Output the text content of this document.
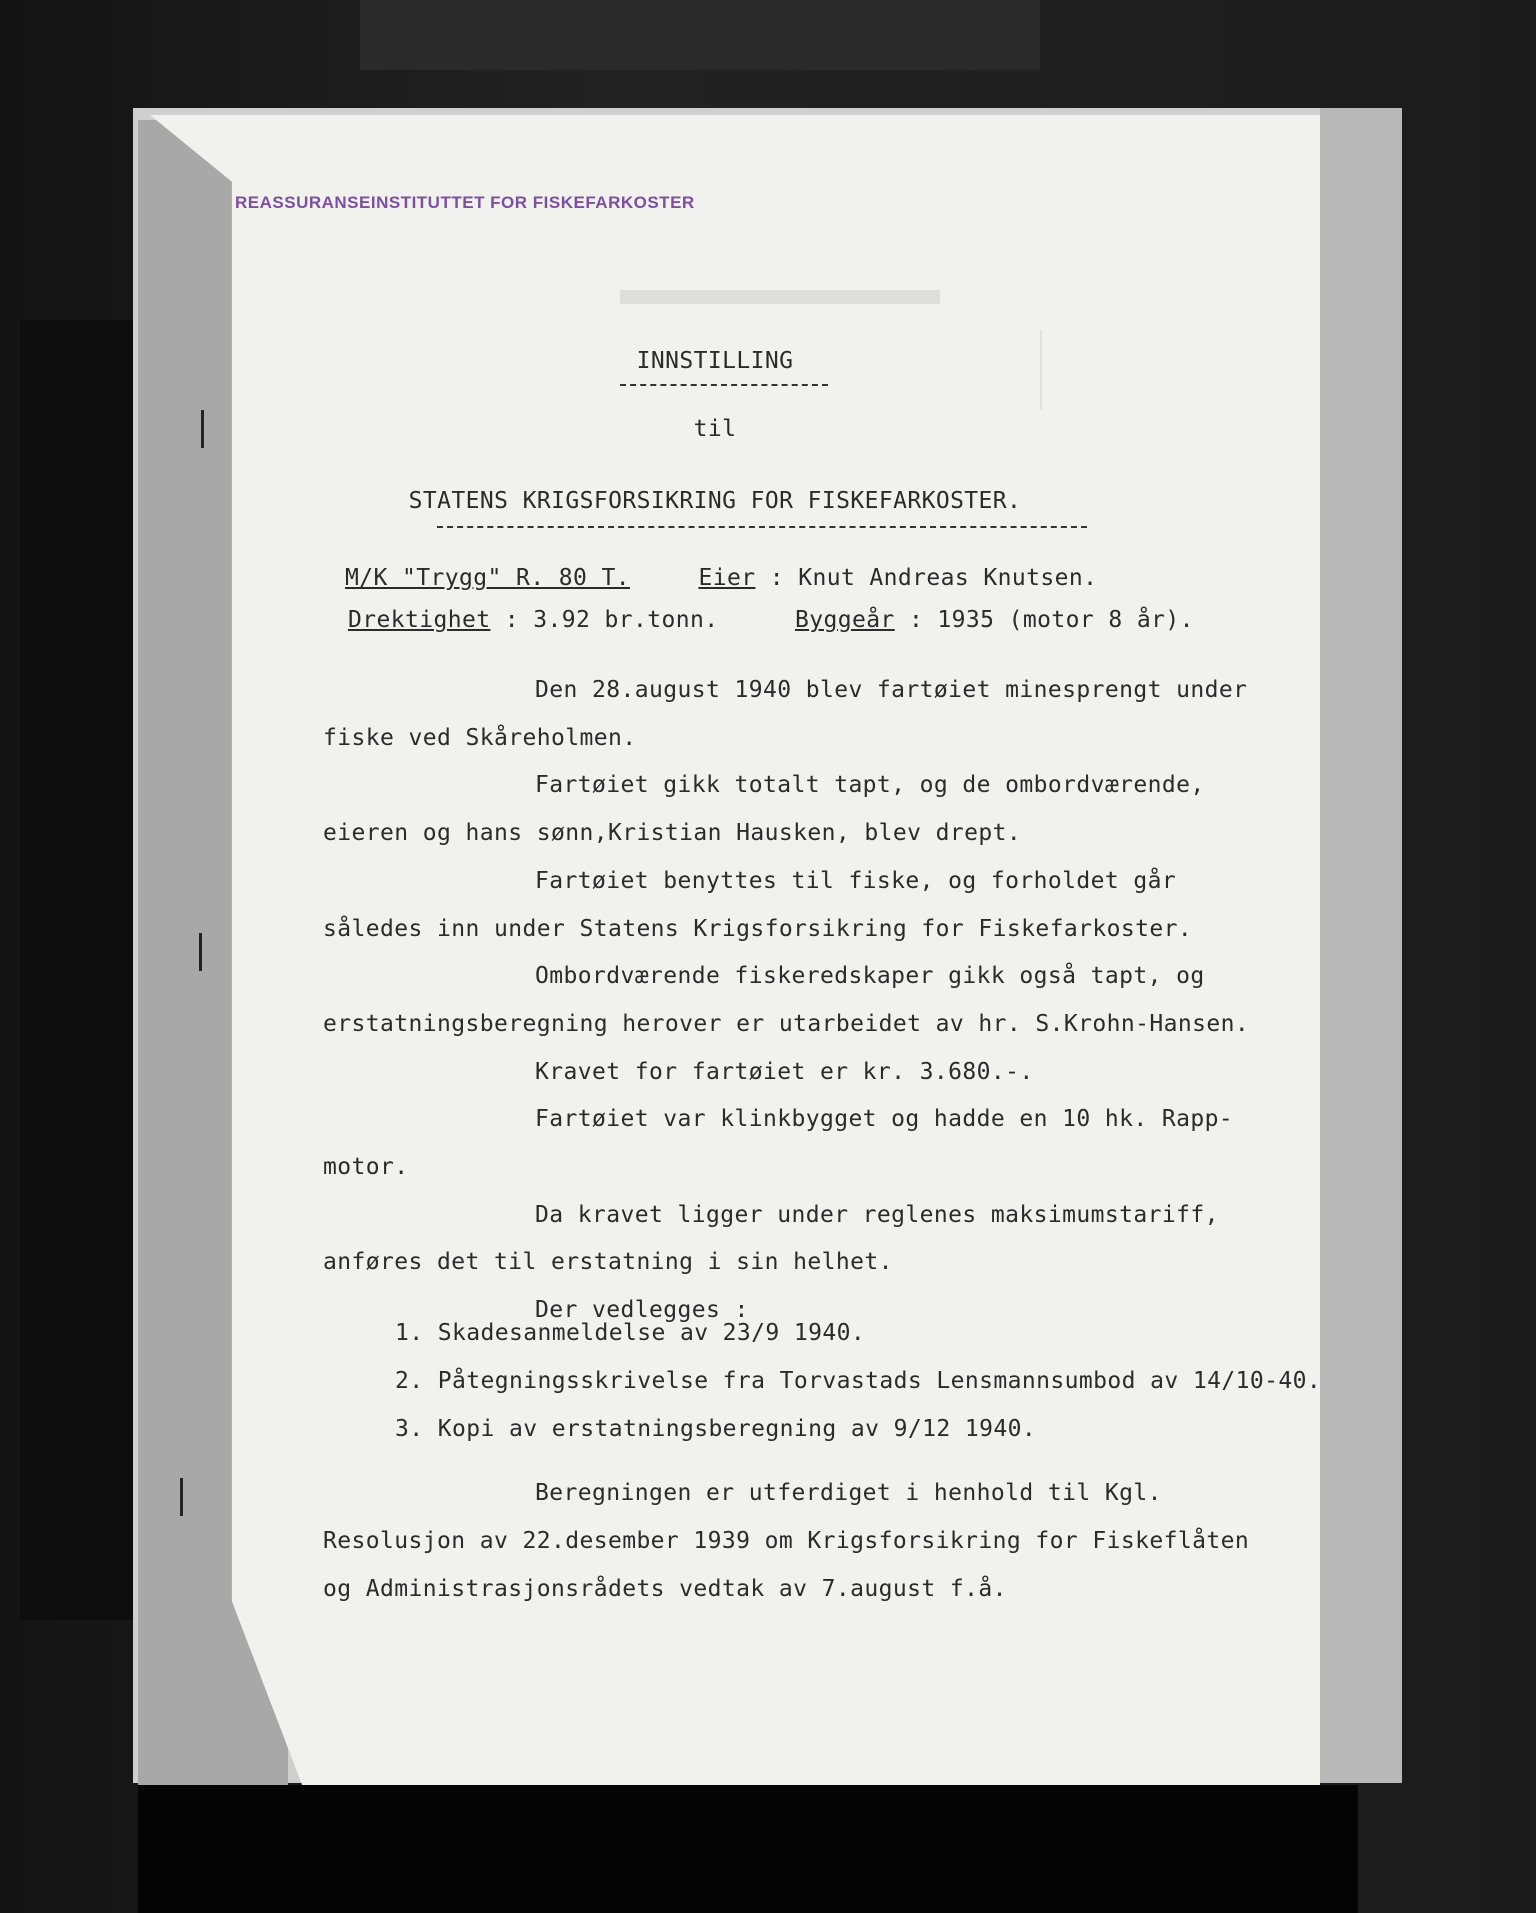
REASSURANSEINSTITUTTET FOR FISKEFARKOSTER
INNSTILLING
til
STATENS KRIGSFORSIKRING FOR FISKEFARKOSTER.
M/K "Trygg" R. 80 T.	Eier : Knut Andreas Knutsen.
Drektighet : 3.92 br.tonn.	Byggeår : 1935 (motor 8 år).
Den 28.august 1940 blev fartøiet minesprengt under
fiske ved Skåreholmen.
Fartøiet gikk totalt tapt, og de ombordværende,
eieren og hans sønn,Kristian Hausken, blev drept.
Fartøiet benyttes til fiske, og forholdet går
således inn under Statens Krigsforsikring for Fiskefarkoster.
Ombordværende fiskeredskaper gikk også tapt, og
erstatningsberegning herover er utarbeidet av hr. S.Krohn-Hansen.
Kravet for fartøiet er kr. 3.680.-.
Fartøiet var klinkbygget og hadde en 10 hk. Rapp-
motor.
Da kravet ligger under reglenes maksimumstariff,
anføres det til erstatning i sin helhet.
Der vedlegges :
1. Skadesanmeldelse av 23/9 1940.
2. Påtegningsskrivelse fra Torvastads Lensmannsumbod av 14/10-40.
3. Kopi av erstatningsberegning av 9/12 1940.
Beregningen er utferdiget i henhold til Kgl.
Resolusjon av 22.desember 1939 om Krigsforsikring for Fiskeflåten
og Administrasjonsrådets vedtak av 7.august f.å.
